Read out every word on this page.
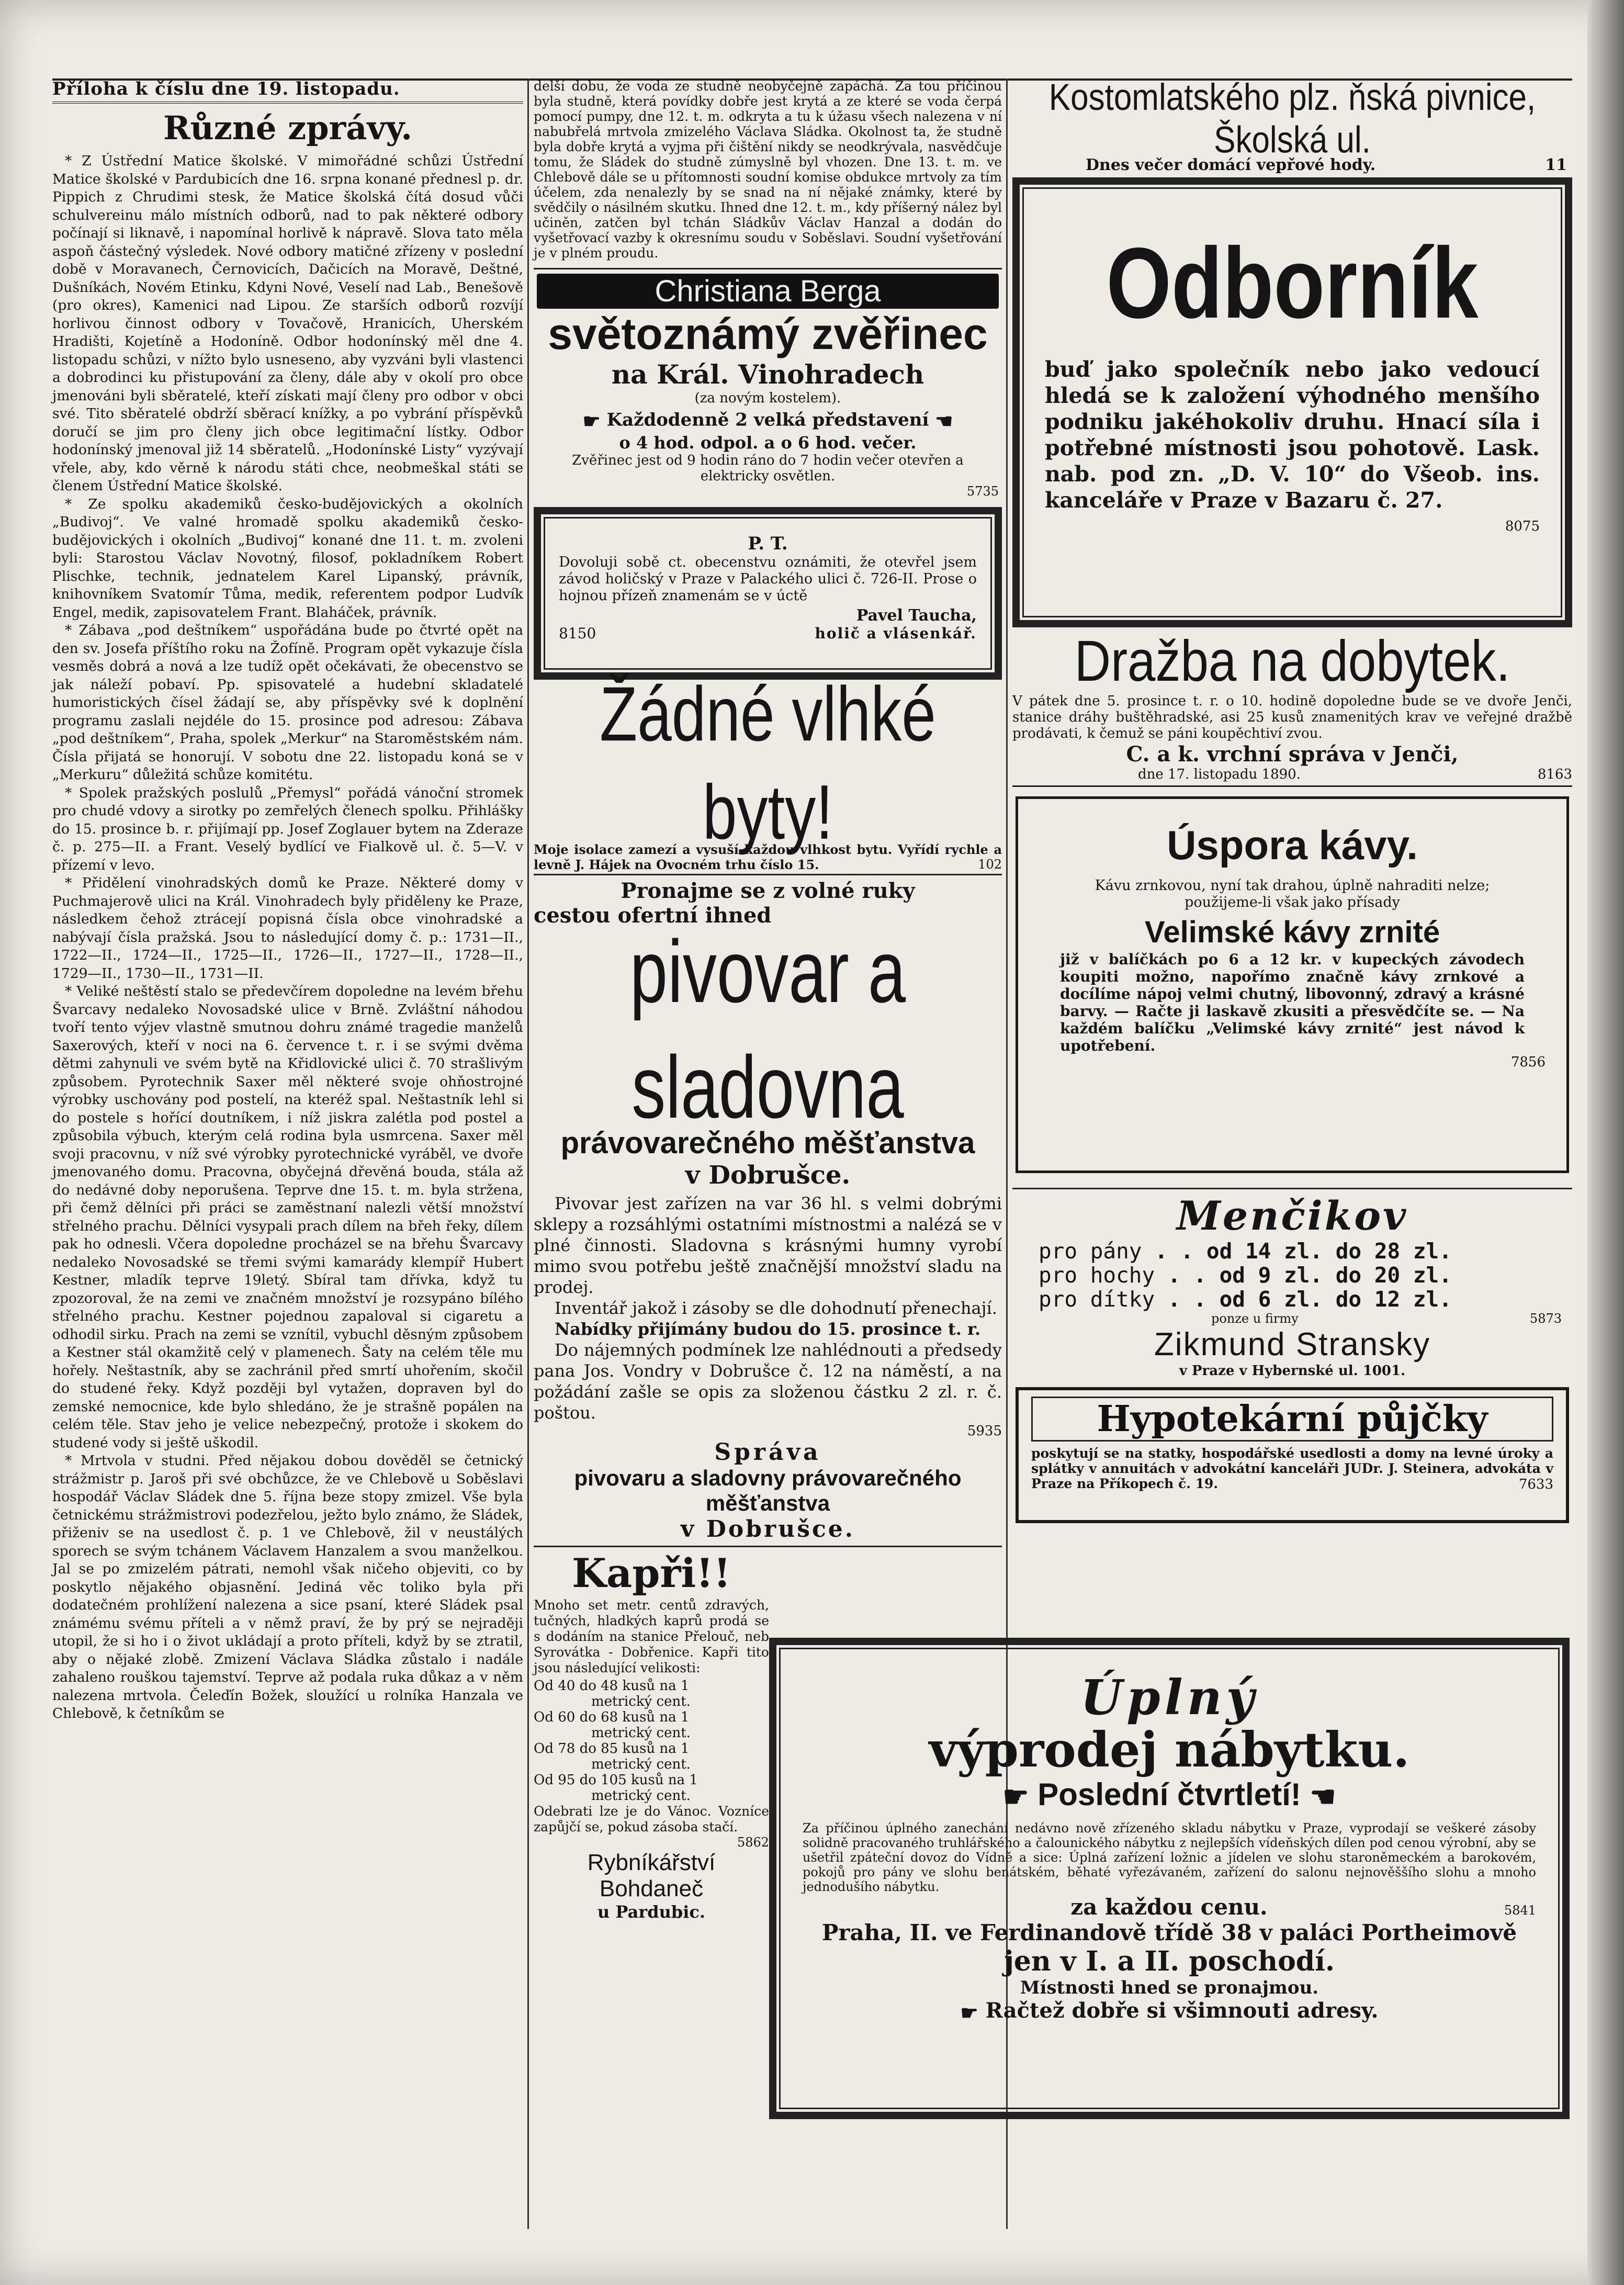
Příloha k číslu dne 19. listopadu.
Různé zprávy.

* Z Ústřední Matice školské. V mimořádné schůzi Ústřední Matice školské v Pardubicích dne 16. srpna konané přednesl p. dr. Pippich z Chrudimi stesk, že Matice školská čítá dosud vůči schulvereinu málo místních odborů, nad to pak některé odbory počínají si liknavě, i napomínal horlivě k nápravě. Slova tato měla aspoň částečný výsledek. Nové odbory matičné zřízeny v poslední době v Moravanech, Černovicích, Dačicích na Moravě, Deštné, Dušníkách, Novém Etinku, Kdyni Nové, Veselí nad Lab., Benešově (pro okres), Kamenici nad Lipou. Ze starších odborů rozvíjí horlivou činnost odbory v Tovačově, Hranicích, Uherském Hradišti, Kojetíně a Hodoníně. Odbor hodonínský měl dne 4. listopadu schůzi, v nížto bylo usneseno, aby vyzváni byli vlastenci a dobrodinci ku přistupování za členy, dále aby v okolí pro obce jmenováni byli sběratelé, kteří získati mají členy pro odbor v obci své. Tito sběratelé obdrží sběrací knížky, a po vybrání příspěvků doručí se jim pro členy jich obce legitimační lístky. Odbor hodonínský jmenoval již 14 sběratelů. „Hodonínské Listy“ vyzývají vřele, aby, kdo věrně k národu státi chce, neobmeškal státi se členem Ústřední Matice školské.

* Ze spolku akademiků česko-budějovických a okolních „Budivoj“. Ve valné hromadě spolku akademiků česko-budějovických i okolních „Budivoj“ konané dne 11. t. m. zvoleni byli: Starostou Václav Novotný, filosof, pokladníkem Robert Plischke, technik, jednatelem Karel Lipanský, právník, knihovníkem Svatomír Tůma, medik, referentem podpor Ludvík Engel, medik, zapisovatelem Frant. Blaháček, právník.

* Zábava „pod deštníkem“ uspořádána bude po čtvrté opět na den sv. Josefa příštího roku na Žofíně. Program opět vykazuje čísla vesměs dobrá a nová a lze tudíž opět očekávati, že obecenstvo se jak náleží pobaví. Pp. spisovatelé a hudební skladatelé humoristických čísel žádají se, aby příspěvky své k doplnění programu zaslali nejdéle do 15. prosince pod adresou: Zábava „pod deštníkem“, Praha, spolek „Merkur“ na Staroměstském nám. Čísla přijatá se honorují. V sobotu dne 22. listopadu koná se v „Merkuru“ důležitá schůze komitétu.

* Spolek pražských poslulů „Přemysl“ pořádá vánoční stromek pro chudé vdovy a sirotky po zemřelých členech spolku. Přihlášky do 15. prosince b. r. přijímají pp. Josef Zoglauer bytem na Zderaze č. p. 275—II. a Frant. Veselý bydlící ve Fialkově ul. č. 5—V. v přízemí v levo.

* Přidělení vinohradských domů ke Praze. Některé domy v Puchmajerově ulici na Král. Vinohradech byly přiděleny ke Praze, následkem čehož ztrácejí popisná čísla obce vinohradské a nabývají čísla pražská. Jsou to následující domy č. p.: 1731—II., 1722—II., 1724—II., 1725—II., 1726—II., 1727—II., 1728—II., 1729—II., 1730—II., 1731—II.

* Veliké neštěstí stalo se předevčírem dopoledne na levém břehu Švarcavy nedaleko Novosadské ulice v Brně. Zvláštní náhodou tvoří tento výjev vlastně smutnou dohru známé tragedie manželů Saxerových, kteří v noci na 6. července t. r. i se svými dvěma dětmi zahynuli ve svém bytě na Křidlovické ulici č. 70 strašlivým způsobem. Pyrotechnik Saxer měl některé svoje ohňostrojné výrobky uschovány pod postelí, na kteréž spal. Neštastník lehl si do postele s hořící doutníkem, i níž jiskra zalétla pod postel a způsobila výbuch, kterým celá rodina byla usmrcena. Saxer měl svoji pracovnu, v níž své výrobky pyrotechnické vyráběl, ve dvoře jmenovaného domu. Pracovna, obyčejná dřevěná bouda, stála až do nedávné doby neporušena. Teprve dne 15. t. m. byla stržena, při čemž dělníci při práci se zaměstnaní nalezli větší množství střelného prachu. Dělníci vysypali prach dílem na břeh řeky, dílem pak ho odnesli. Včera dopoledne procházel se na břehu Švarcavy nedaleko Novosadské se třemi svými kamarády klempíř Hubert Kestner, mladík teprve 19letý. Sbíral tam dřívka, když tu zpozoroval, že na zemi ve značném množství je rozsypáno bílého střelného prachu. Kestner pojednou zapaloval si cigaretu a odhodil sirku. Prach na zemi se vznítil, vybuchl děsným způsobem a Kestner stál okamžitě celý v plamenech. Šaty na celém těle mu hořely. Neštastník, aby se zachránil před smrtí uhořením, skočil do studené řeky. Když později byl vytažen, dopraven byl do zemské nemocnice, kde bylo shledáno, že je strašně popálen na celém těle. Stav jeho je velice nebezpečný, protože i skokem do studené vody si ještě uškodil.

* Mrtvola v studni. Před nějakou dobou dověděl se četnický strážmistr p. Jaroš při své obchůzce, že ve Chlebově u Soběslavi hospodář Václav Sládek dne 5. října beze stopy zmizel. Vše byla četnickému strážmistrovi podezřelou, ježto bylo známo, že Sládek, přiženiv se na usedlost č. p. 1 ve Chlebově, žil v neustálých sporech se svým tchánem Václavem Hanzalem a svou manželkou. Jal se po zmizelém pátrati, nemohl však ničeho objeviti, co by poskytlo nějakého objasnění. Jediná věc toliko byla při dodatečném prohlížení nalezena a sice psaní, které Sládek psal známému svému příteli a v němž praví, že by prý se nejraději utopil, že si ho i o život ukládají a proto příteli, když by se ztratil, aby o nějaké zlobě. Zmizení Václava Sládka zůstalo i nadále zahaleno rouškou tajemství. Teprve až podala ruka důkaz a v něm nalezena mrtvola. Čeleďín Božek, sloužící u rolníka Hanzala ve Chlebově, k četníkům se

delší dobu, že voda ze studně neobyčejně zapáchá. Za tou příčinou byla studně, která povídky dobře jest krytá a ze které se voda čerpá pomocí pumpy, dne 12. t. m. odkryta a tu k úžasu všech nalezena v ní nabubřelá mrtvola zmizelého Václava Sládka. Okolnost ta, že studně byla dobře krytá a vyjma při čištění nikdy se neodkrývala, nasvědčuje tomu, že Sládek do studně zúmyslně byl vhozen. Dne 13. t. m. ve Chlebově dále se u přítomnosti soudní komise obdukce mrtvoly za tím účelem, zda nenalezly by se snad na ní nějaké známky, které by svědčily o násilném skutku. Ihned dne 12. t. m., kdy příšerný nález byl učiněn, zatčen byl tchán Sládkův Václav Hanzal a dodán do vyšetřovací vazby k okresnímu soudu v Soběslavi. Soudní vyšetřování je v plném proudu.
Christiana Berga
světoznámý zvěřinec
na Král. Vinohradech
(za novým kostelem).
☛ Každodenně 2 velká představení ☚
o 4 hod. odpol. a o 6 hod. večer.
Zvěřinec jest od 9 hodin ráno do 7 hodin večer otevřen a elektricky osvětlen.
5735
P. T.
Dovoluji sobě ct. obecenstvu oznámiti, že otevřel jsem závod holičský v Praze v Palackého ulici č. 726-II. Prose o hojnou přízeň znamenám se v úctě
Pavel Taucha,
8150	holič a vlásenkář.
Žádné vlhké byty!
Moje isolace zamezí a vysuší každou vlhkost bytu. Vyřídí rychle a levně J. Hájek na Ovocném trhu číslo 15.	102
Pronajme se z volné ruky
cestou ofertní ihned
pivovar a sladovna
právovarečného měšťanstva
v Dobrušce.

Pivovar jest zařízen na var 36 hl. s velmi dobrými sklepy a rozsáhlými ostatními místnostmi a nalézá se v plné činnosti. Sladovna s krásnými humny vyrobí mimo svou potřebu ještě značnější množství sladu na prodej.

Inventář jakož i zásoby se dle dohodnutí přenechají.

Nabídky přijímány budou do 15. prosince t. r.

Do nájemných podmínek lze nahlédnouti a předsedy pana Jos. Vondry v Dobrušce č. 12 na náměstí, a na požádání zašle se opis za složenou částku 2 zl. r. č. poštou.

5935
Správa
pivovaru a sladovny právovarečného měšťanstva
v Dobrušce.
Kapři!!
Mnoho set metr. centů zdravých, tučných, hladkých kaprů prodá se s dodáním na stanice Přelouč, neb Syrovátka - Dobřenice. Kapři tito jsou následující velikosti:
Od 40 do 48 kusů na 1
metrický cent.
Od 60 do 68 kusů na 1
metrický cent.
Od 78 do 85 kusů na 1
metrický cent.
Od 95 do 105 kusů na 1
metrický cent.
Odebrati lze je do Vánoc. Vozníce zapůjčí se, pokud zásoba stačí.
5862
Rybníkářství Bohdaneč
u Pardubic.
Kostomlatského plz. ňská pivnice, Školská ul.
Dnes večer domácí vepřové hody.	11
Odborník
buď jako společník nebo jako vedoucí hledá se k založení výhodného menšího podniku jakéhokoliv druhu. Hnací síla i potřebné místnosti jsou pohotově. Lask. nab. pod zn. „D. V. 10“ do Všeob. ins. kanceláře v Praze v Bazaru č. 27.
8075
Dražba na dobytek.
V pátek dne 5. prosince t. r. o 10. hodině dopoledne bude se ve dvoře Jenči, stanice dráhy buštěhradské, asi 25 kusů znamenitých krav ve veřejné dražbě prodávati, k čemuž se páni koupěchtiví zvou.
C. a k. vrchní správa v Jenči,
dne 17. listopadu 1890.	8163
Úspora kávy.
Kávu zrnkovou, nyní tak drahou, úplně nahraditi nelze; použijeme-li však jako přísady
Velimské kávy zrnité
již v balíčkách po 6 a 12 kr. v kupeckých závodech koupiti možno, napořímo značně kávy zrnkové a docílíme nápoj velmi chutný, libovonný, zdravý a krásné barvy. — Račte ji laskavě zkusiti a přesvědčíte se. — Na každém balíčku „Velimské kávy zrnité“ jest návod k upotřebení.
7856
Menčikov
pro pány . . od 14 zl. do 28 zl.
pro hochy . . od 9 zl. do 20 zl.
pro dítky . . od 6 zl. do 12 zl.
ponze u firmy	5873
Zikmund Stransky
v Praze v Hybernské ul. 1001.
Hypotekární půjčky
poskytují se na statky, hospodářské usedlosti a domy na levné úroky a splátky v annuitách v advokátní kanceláři JUDr. J. Steinera, advokáta v Praze na Příkopech č. 19.	7633
Úplný
výprodej nábytku.
☛ Poslední čtvrtletí! ☚
Za příčinou úplného zanechání nedávno nově zřízeného skladu nábytku v Praze, vyprodají se veškeré zásoby solidně pracovaného truhlářského a čalounického nábytku z nejlepších vídeňských dílen pod cenou výrobní, aby se ušetřil zpáteční dovoz do Vídně a sice: Úplná zařízení ložnic a jídelen ve slohu staroněmeckém a barokovém, pokojů pro pány ve slohu benátském, běhaté vyřezávaném, zařízení do salonu nejnověššího slohu a mnoho jednodušího nábytku.
za každou cenu.	5841
Praha, II. ve Ferdinandově třídě 38 v paláci Portheimově
jen v I. a II. poschodí.
Místnosti hned se pronajmou.
☛ Račtež dobře si všimnouti adresy.
